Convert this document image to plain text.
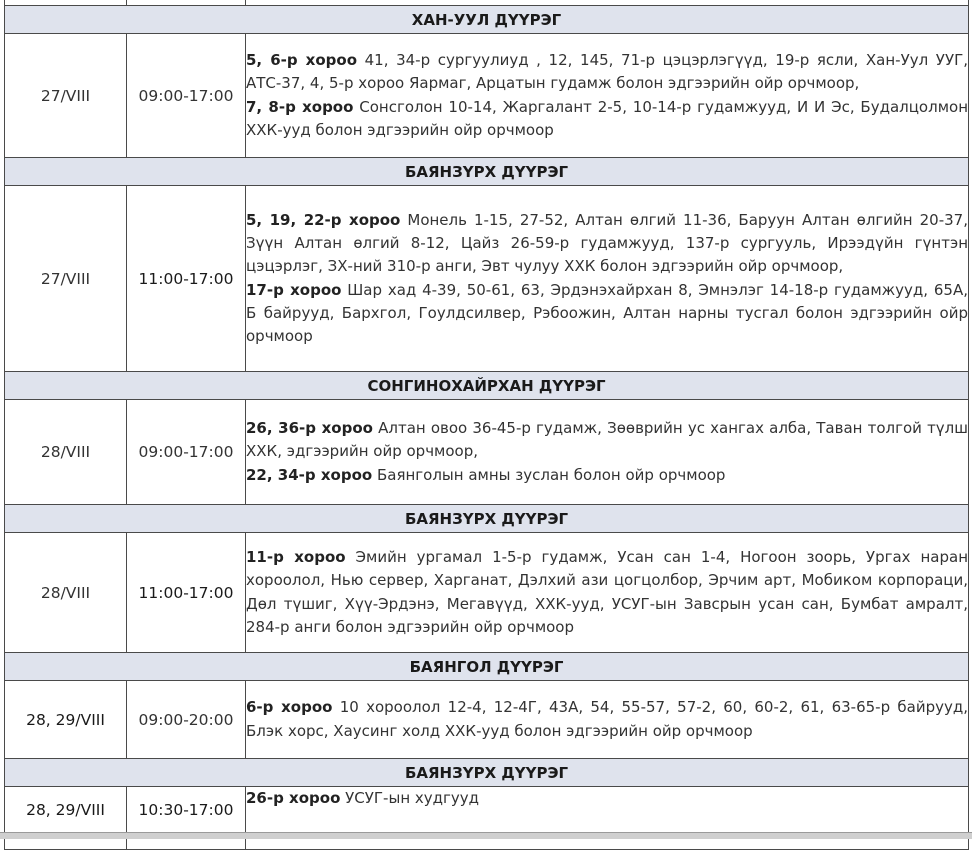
ХАН-УУЛ ДҮҮРЭГ		
27/VIII	09:00-17:00	5, 6-р хороо 41, 34-р сургуулиуд , 12, 145, 71-р цэцэрлэгүүд, 19-р ясли, Хан-Уул УУГ, АТС-37, 4, 5-р хороо Яармаг, Арцатын гудамж болон эдгээрийн ойр орчмоор,
7, 8-р хороо Сонсголон 10-14, Жаргалант 2-5, 10-14-р гудамжууд, И И Эс, Будалцолмон ХХК-ууд болон эдгээрийн ойр орчмоор
БАЯНЗҮРХ ДҮҮРЭГ		
27/VIII	11:00-17:00	5, 19, 22-р хороо Монель 1-15, 27-52, Алтан өлгий 11-36, Баруун Алтан өлгийн 20-37, Зүүн Алтан өлгий 8-12, Цайз 26-59-р гудамжууд, 137-р сургууль, Ирээдүйн гүнтэн цэцэрлэг, ЗХ-ний 310-р анги, Эвт чулуу ХХК болон эдгээрийн ойр орчмоор,
17-р хороо Шар хад 4-39, 50-61, 63, Эрдэнэхайрхан 8, Эмнэлэг 14-18-р гудамжууд, 65А, Б байрууд, Бархгол, Гоулдсилвер, Рэбоожин, Алтан нарны тусгал болон эдгээрийн ойр орчмоор
СОНГИНОХАЙРХАН ДҮҮРЭГ		
28/VIII	09:00-17:00	26, 36-р хороо Алтан овоо 36-45-р гудамж, Зөөврийн ус хангах алба, Таван толгой түлш ХХК, эдгээрийн ойр орчмоор,
22, 34-р хороо Баянголын амны зуслан болон ойр орчмоор
БАЯНЗҮРХ ДҮҮРЭГ		
28/VIII	11:00-17:00	11-р хороо Эмийн ургамал 1-5-р гудамж, Усан сан 1-4, Ногоон зоорь, Ургах наран хороолол, Нью сервер, Харганат, Дэлхий ази цогцолбор, Эрчим арт, Мобиком корпораци, Дөл түшиг, Хүү-Эрдэнэ, Мегавүүд, ХХК-ууд, УСУГ-ын Завсрын усан сан, Бумбат амралт, 284-р анги болон эдгээрийн ойр орчмоор
БАЯНГОЛ ДҮҮРЭГ		
28, 29/VIII	09:00-20:00	6-р хороо 10 хороолол 12-4, 12-4Г, 43А, 54, 55-57, 57-2, 60, 60-2, 61, 63-65-р байрууд, Блэк хорс, Хаусинг холд ХХК-ууд болон эдгээрийн ойр орчмоор
БАЯНЗҮРХ ДҮҮРЭГ		
28, 29/VIII	10:30-17:00	26-р хороо УСУГ-ын худгууд
